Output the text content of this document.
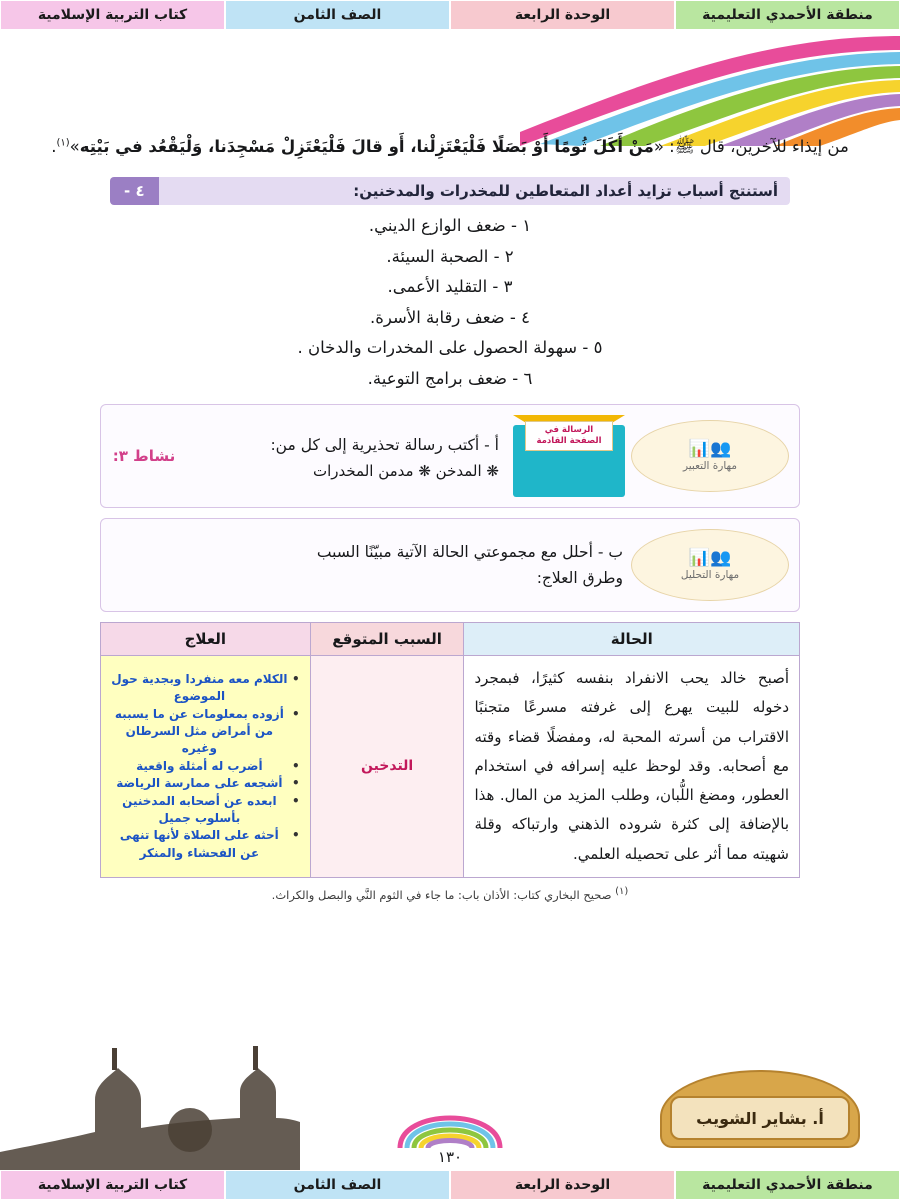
منطقة الأحمدي التعليمية
الوحدة الرابعة
الصف الثامن
كتاب التربية الإسلامية
من إيذاء للآخرين، قال ﷺ: «مَنْ أَكَلَ ثُومًا أَوْ بَصَلًا فَلْيَعْتَزِلْنا، أَو قالَ فَلْيَعْتَزِلْ مَسْجِدَنا، وَلْيَقْعُد في بَيْتِه»$^{(١)}$.
٤ -	أستنتج أسباب تزايد أعداد المتعاطين للمخدرات والمدخنين:
١ - ضعف الوازع الديني.
٢ - الصحبة السيئة.
٣ - التقليد الأعمى.
٤ - ضعف رقابة الأسرة.
٥ - سهولة الحصول على المخدرات والدخان .
٦ - ضعف برامج التوعية.
👥📊
مهارة التعبير
الرسالة في
الصفحة القادمة
أ - أكتب رسالة تحذيرية إلى كل من:
❋ المدخن ❋ مدمن المخدرات
نشاط ٣:
👥📊
مهارة التحليل
ب - أحلل مع مجموعتي الحالة الآتية مبيّنًا السبب
وطرق العلاج:
الحالة	السبب المتوقع	العلاج
أصبح خالد يحب الانفراد بنفسه كثيرًا، فبمجرد دخوله للبيت يهرع إلى غرفته مسرعًا متجنبًا الاقتراب من أسرته المحبة له، ومفضلًا قضاء وقته مع أصحابه. وقد لوحظ عليه إسرافه في استخدام العطور، ومضغ اللُّبان، وطلب المزيد من المال. هذا بالإضافة إلى كثرة شروده الذهني وارتباكه وقلة شهيته مما أثر على تحصيله العلمي.	التدخين	
• الكلام معه منفردا وبجدية حول الموضوع
• أزوده بمعلومات عن ما يسببه من أمراض مثل السرطان وغيره
• أضرب له أمثلة واقعية
• أشجعه على ممارسة الرياضة
• ابعده عن أصحابه المدخنين بأسلوب جميل
• أحثه على الصلاة لأنها تنهى عن الفحشاء والمنكر
(١) صحيح البخاري كتاب: الأذان باب: ما جاء في الثوم النَّي والبصل والكراث.
١٣٠
أ. بشاير الشويب
منطقة الأحمدي التعليمية
الوحدة الرابعة
الصف الثامن
كتاب التربية الإسلامية
